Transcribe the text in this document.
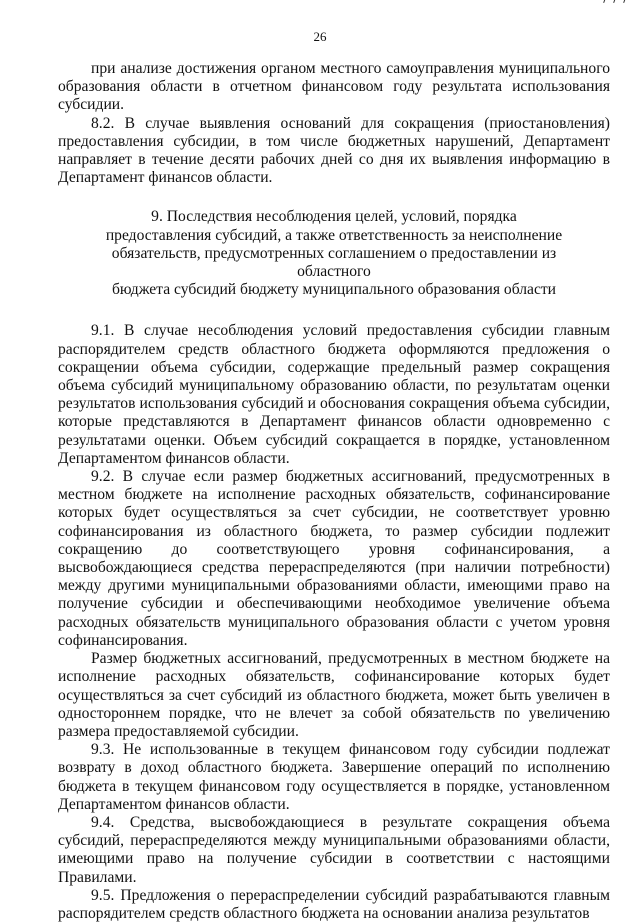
26

при анализе достижения органом местного самоуправления муниципального образования области в отчетном финансовом году результата использования субсидии.

8.2. В случае выявления оснований для сокращения (приостановления) предоставления субсидии, в том числе бюджетных нарушений, Департамент направляет в течение десяти рабочих дней со дня их выявления информацию в Департамент финансов области.

9. Последствия несоблюдения целей, условий, порядка
предоставления субсидий, а также ответственность за неисполнение
обязательств, предусмотренных соглашением о предоставлении из областного
бюджета субсидий бюджету муниципального образования области

9.1. В случае несоблюдения условий предоставления субсидии главным распорядителем средств областного бюджета оформляются предложения о сокращении объема субсидии, содержащие предельный размер сокращения объема субсидий муниципальному образованию области, по результатам оценки результатов использования субсидий и обоснования сокращения объема субсидии, которые представляются в Департамент финансов области одновременно с результатами оценки. Объем субсидий сокращается в порядке, установленном Департаментом финансов области.

9.2. В случае если размер бюджетных ассигнований, предусмотренных в местном бюджете на исполнение расходных обязательств, софинансирование которых будет осуществляться за счет субсидии, не соответствует уровню софинансирования из областного бюджета, то размер субсидии подлежит сокращению до соответствующего уровня софинансирования, а высвобождающиеся средства перераспределяются (при наличии потребности) между другими муниципальными образованиями области, имеющими право на получение субсидии и обеспечивающими необходимое увеличение объема расходных обязательств муниципального образования области с учетом уровня софинансирования.

Размер бюджетных ассигнований, предусмотренных в местном бюджете на исполнение расходных обязательств, софинансирование которых будет осуществляться за счет субсидий из областного бюджета, может быть увеличен в одностороннем порядке, что не влечет за собой обязательств по увеличению размера предоставляемой субсидии.

9.3. Не использованные в текущем финансовом году субсидии подлежат возврату в доход областного бюджета. Завершение операций по исполнению бюджета в текущем финансовом году осуществляется в порядке, установленном Департаментом финансов области.

9.4. Средства, высвобождающиеся в результате сокращения объема субсидий, перераспределяются между муниципальными образованиями области, имеющими право на получение субсидии в соответствии с настоящими Правилами.

9.5. Предложения о перераспределении субсидий разрабатываются главным распорядителем средств областного бюджета на основании анализа результатов
